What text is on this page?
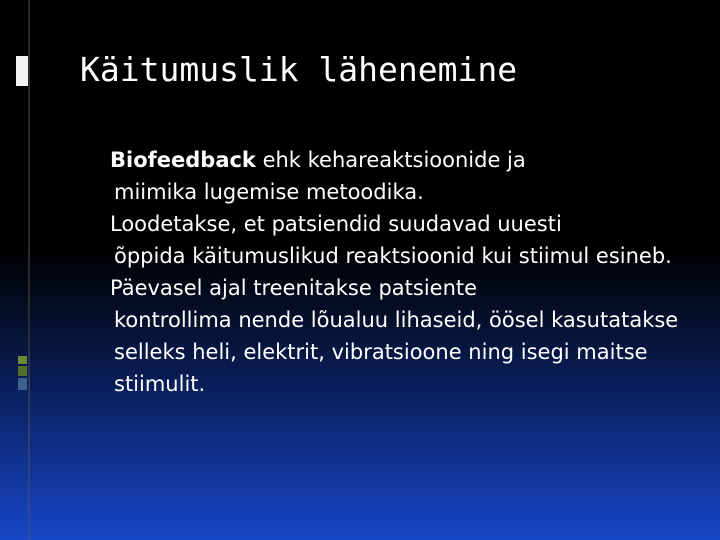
Käitumuslik lähenemine

Biofeedback ehk kehareaktsioonide ja
miimika lugemise metoodika.

Loodetakse, et patsiendid suudavad uuesti
õppida käitumuslikud reaktsioonid kui stiimul esineb.

Päevasel ajal treenitakse patsiente
kontrollima nende lõualuu lihaseid, öösel kasutatakse selleks heli, elektrit, vibratsioone ning isegi maitse stiimulit.
